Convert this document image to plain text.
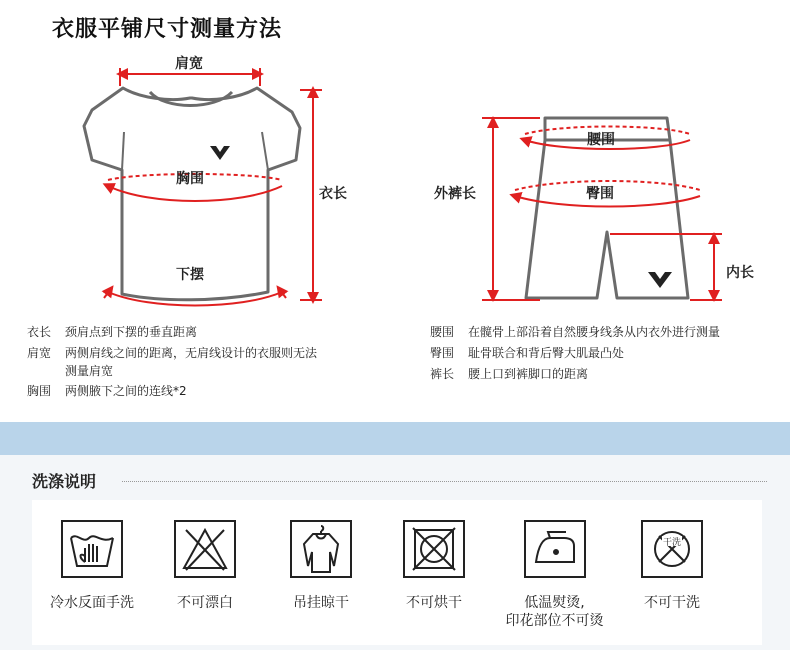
衣服平铺尺寸测量方法
肩宽
胸围
下摆
衣长
腰围
臀围
外裤长
内长
衣长	颈肩点到下摆的垂直距离
肩宽	两侧肩线之间的距离，无肩线设计的衣服则无法
测量肩宽
胸围	两侧腋下之间的连线*2
腰围	在髋骨上部沿着自然腰身线条从内衣外进行测量
臀围	耻骨联合和背后臀大肌最凸处
裤长	腰上口到裤脚口的距离
洗涤说明
冷水反面手洗	不可漂白	吊挂晾干	不可烘干	低温熨烫,
印花部位不可烫
干洗
不可干洗
